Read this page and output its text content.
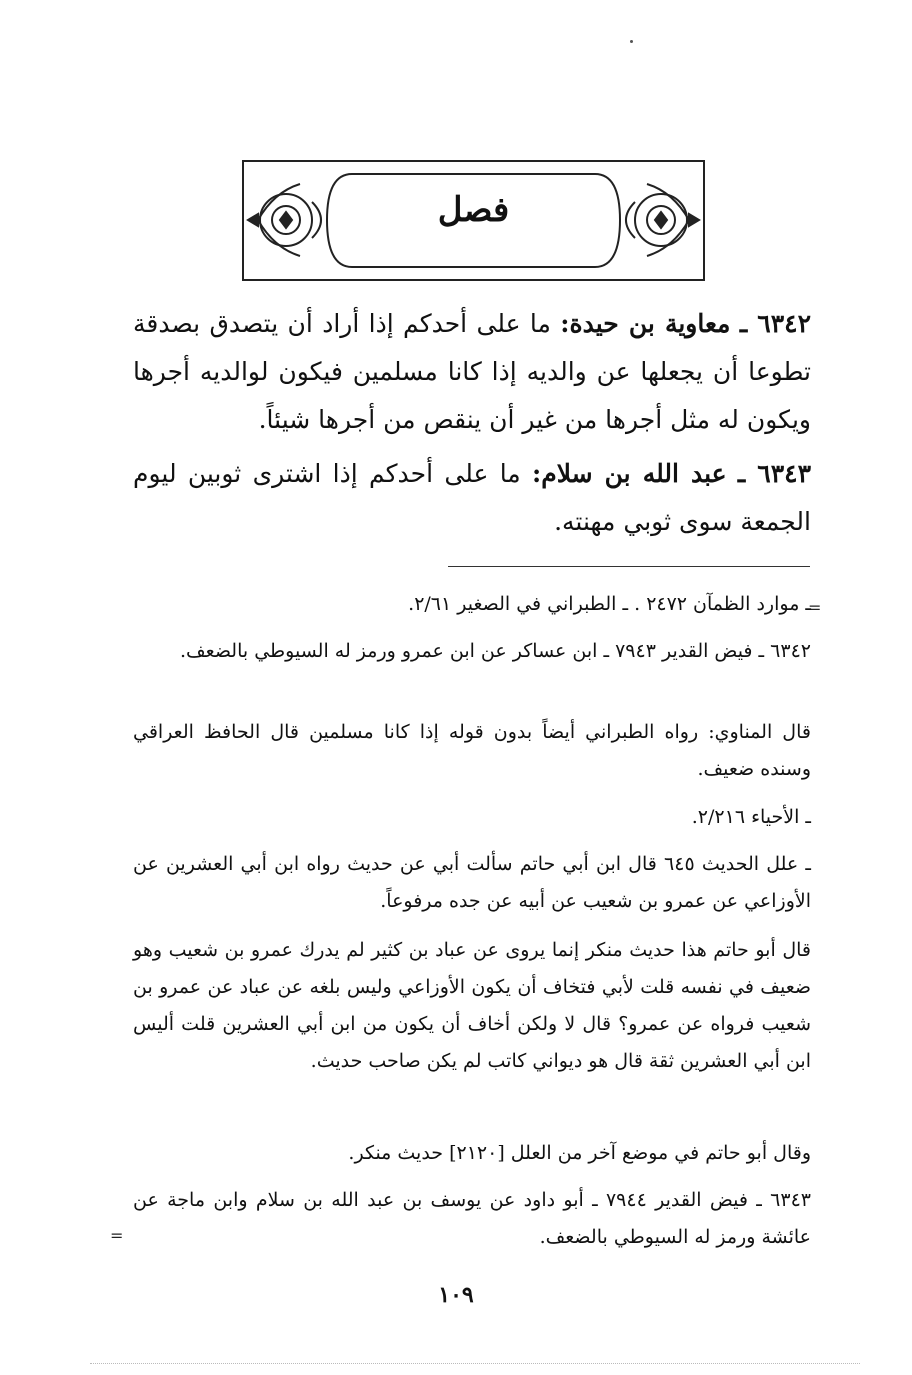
فصل
٦٣٤٢ ـ معاوية بن حيدة: ما على أحدكم إذا أراد أن يتصدق بصدقة تطوعا أن يجعلها عن والديه إذا كانا مسلمين فيكون لوالديه أجرها ويكون له مثل أجرها من غير أن ينقص من أجرها شيئاً.
٦٣٤٣ ـ عبد الله بن سلام: ما على أحدكم إذا اشترى ثوبين ليوم الجمعة سوى ثوبي مهنته.
=
ـ موارد الظمآن ٢٤٧٢ . ـ الطبراني في الصغير ٢/٦١.
٦٣٤٢ ـ فيض القدير ٧٩٤٣ ـ ابن عساكر عن ابن عمرو ورمز له السيوطي بالضعف.
قال المناوي: رواه الطبراني أيضاً بدون قوله إذا كانا مسلمين قال الحافظ العراقي وسنده ضعيف.
ـ الأحياء ٢/٢١٦.
ـ علل الحديث ٦٤٥ قال ابن أبي حاتم سألت أبي عن حديث رواه ابن أبي العشرين عن الأوزاعي عن عمرو بن شعيب عن أبيه عن جده مرفوعاً.
قال أبو حاتم هذا حديث منكر إنما يروى عن عباد بن كثير لم يدرك عمرو بن شعيب وهو ضعيف في نفسه قلت لأبي فتخاف أن يكون الأوزاعي وليس بلغه عن عباد عن عمرو بن شعيب فرواه عن عمرو؟ قال لا ولكن أخاف أن يكون من ابن أبي العشرين قلت أليس ابن أبي العشرين ثقة قال هو ديواني كاتب لم يكن صاحب حديث.
وقال أبو حاتم في موضع آخر من العلل [٢١٢٠] حديث منكر.
٦٣٤٣ ـ فيض القدير ٧٩٤٤ ـ أبو داود عن يوسف بن عبد الله بن سلام وابن ماجة عن عائشة ورمز له السيوطي بالضعف.
=
١٠٩
